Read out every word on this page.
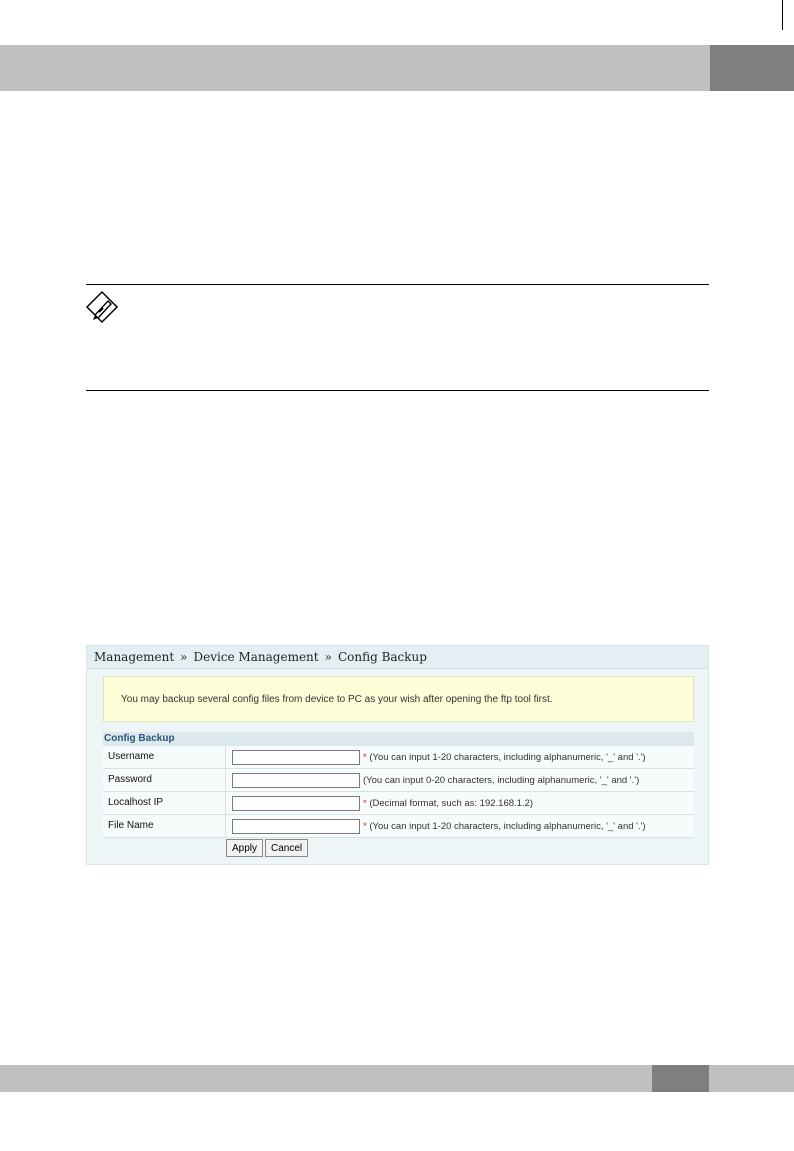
Management » Device Management » Config Backup
You may backup several config files from device to PC as your wish after opening the ftp tool first.
Config Backup
Username	* (You can input 1-20 characters, including alphanumeric, '_' and '.')
Password	(You can input 0-20 characters, including alphanumeric, '_' and '.')
Localhost IP	* (Decimal format, such as: 192.168.1.2)
File Name	* (You can input 1-20 characters, including alphanumeric, '_' and '.')
Apply	Cancel
